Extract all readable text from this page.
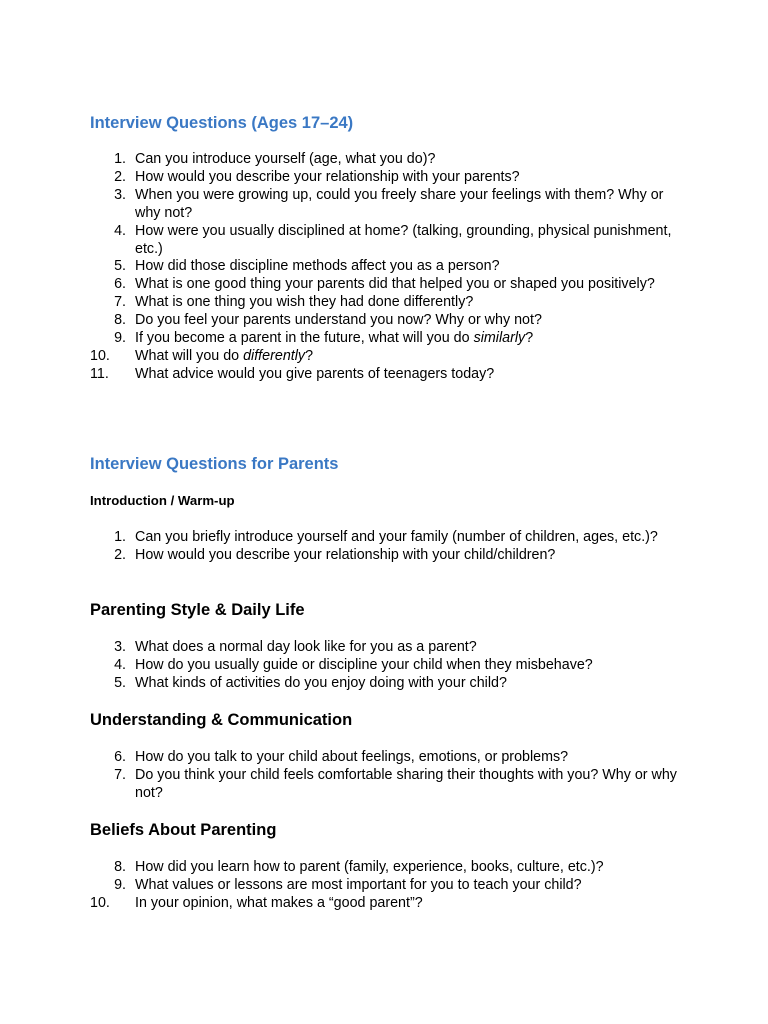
Interview Questions (Ages 17–24)
1. Can you introduce yourself (age, what you do)?
2. How would you describe your relationship with your parents?
3. When you were growing up, could you freely share your feelings with them? Why or why not?
4. How were you usually disciplined at home? (talking, grounding, physical punishment, etc.)
5. How did those discipline methods affect you as a person?
6. What is one good thing your parents did that helped you or shaped you positively?
7. What is one thing you wish they had done differently?
8. Do you feel your parents understand you now? Why or why not?
9. If you become a parent in the future, what will you do similarly?
10. What will you do differently?
11. What advice would you give parents of teenagers today?
Interview Questions for Parents
Introduction / Warm-up
1. Can you briefly introduce yourself and your family (number of children, ages, etc.)?
2. How would you describe your relationship with your child/children?
Parenting Style & Daily Life
3. What does a normal day look like for you as a parent?
4. How do you usually guide or discipline your child when they misbehave?
5. What kinds of activities do you enjoy doing with your child?
Understanding & Communication
6. How do you talk to your child about feelings, emotions, or problems?
7. Do you think your child feels comfortable sharing their thoughts with you? Why or why not?
Beliefs About Parenting
8. How did you learn how to parent (family, experience, books, culture, etc.)?
9. What values or lessons are most important for you to teach your child?
10. In your opinion, what makes a “good parent”?
